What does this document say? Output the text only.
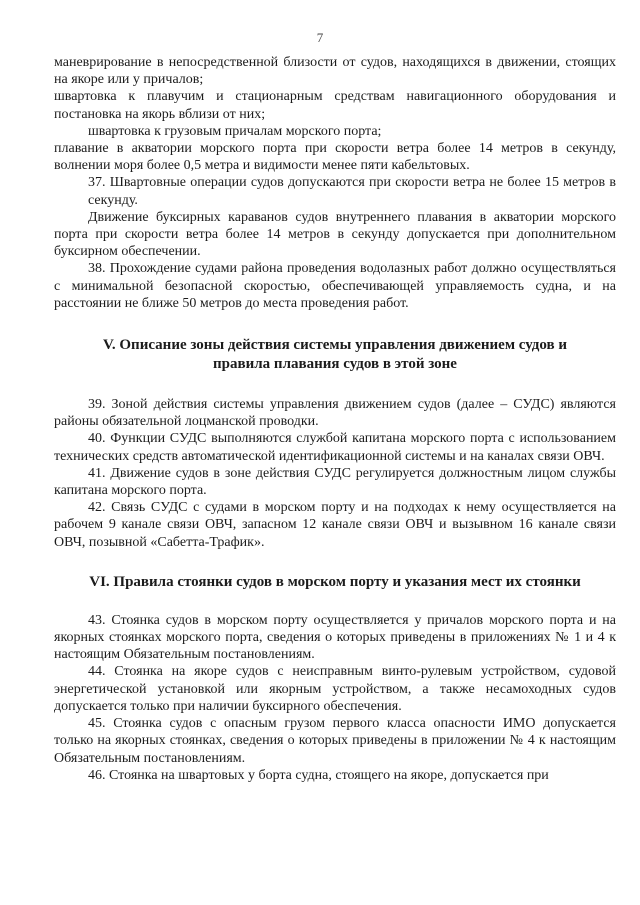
7

маневрирование в непосредственной близости от судов, находящихся в движении, стоящих на якоре или у причалов;

швартовка к плавучим и стационарным средствам навигационного оборудования и постановка на якорь вблизи от них;

швартовка к грузовым причалам морского порта;

плавание в акватории морского порта при скорости ветра более 14 метров в секунду, волнении моря более 0,5 метра и видимости менее пяти кабельтовых.

37. Швартовные операции судов допускаются при скорости ветра не более 15 метров в секунду.

Движение буксирных караванов судов внутреннего плавания в акватории морского порта при скорости ветра более 14 метров в секунду допускается при дополнительном буксирном обеспечении.

38. Прохождение судами района проведения водолазных работ должно осуществляться с минимальной безопасной скоростью, обеспечивающей управляемость судна, и на расстоянии не ближе 50 метров до места проведения работ.

V. Описание зоны действия системы управления движением судов и
правила плавания судов в этой зоне

39. Зоной действия системы управления движением судов (далее – СУДС) являются районы обязательной лоцманской проводки.

40. Функции СУДС выполняются службой капитана морского порта с использованием технических средств автоматической идентификационной системы и на каналах связи ОВЧ.

41. Движение судов в зоне действия СУДС регулируется должностным лицом службы капитана морского порта.

42. Связь СУДС с судами в морском порту и на подходах к нему осуществляется на рабочем 9 канале связи ОВЧ, запасном 12 канале связи ОВЧ и вызывном 16 канале связи ОВЧ, позывной «Сабетта-Трафик».

VI. Правила стоянки судов в морском порту и указания мест их стоянки

43. Стоянка судов в морском порту осуществляется у причалов морского порта и на якорных стоянках морского порта, сведения о которых приведены в приложениях № 1 и 4 к настоящим Обязательным постановлениям.

44. Стоянка на якоре судов с неисправным винто-рулевым устройством, судовой энергетической установкой или якорным устройством, а также несамоходных судов допускается только при наличии буксирного обеспечения.

45. Стоянка судов с опасным грузом первого класса опасности ИМО допускается только на якорных стоянках, сведения о которых приведены в приложении № 4 к настоящим Обязательным постановлениям.

46. Стоянка на швартовых у борта судна, стоящего на якоре, допускается при
